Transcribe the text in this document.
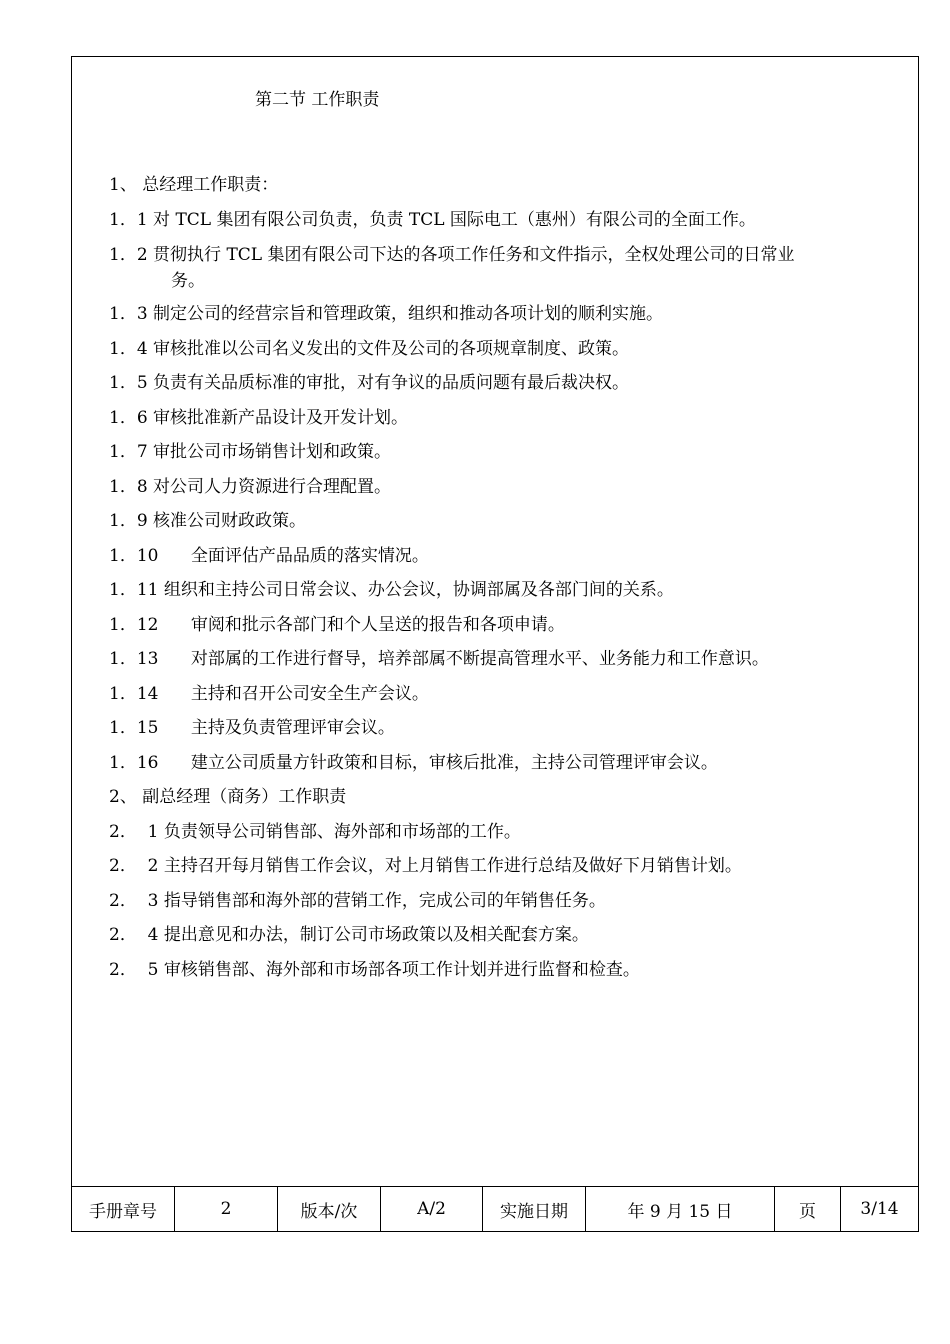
第二节 工作职责
1、 总经理工作职责：
1．1 对 TCL 集团有限公司负责，负责 TCL 国际电工（惠州）有限公司的全面工作。
1．2 贯彻执行 TCL 集团有限公司下达的各项工作任务和文件指示，全权处理公司的日常业
务。
1．3 制定公司的经营宗旨和管理政策，组织和推动各项计划的顺利实施。
1．4 审核批准以公司名义发出的文件及公司的各项规章制度、政策。
1．5 负责有关品质标准的审批，对有争议的品质问题有最后裁决权。
1．6 审核批准新产品设计及开发计划。
1．7 审批公司市场销售计划和政策。
1．8 对公司人力资源进行合理配置。
1．9 核准公司财政政策。
1．10      全面评估产品品质的落实情况。
1．11 组织和主持公司日常会议、办公会议，协调部属及各部门间的关系。
1．12      审阅和批示各部门和个人呈送的报告和各项申请。
1．13      对部属的工作进行督导，培养部属不断提高管理水平、业务能力和工作意识。
1．14      主持和召开公司安全生产会议。
1．15      主持及负责管理评审会议。
1．16      建立公司质量方针政策和目标，审核后批准，主持公司管理评审会议。
2、 副总经理（商务）工作职责
2．  1 负责领导公司销售部、海外部和市场部的工作。
2．  2 主持召开每月销售工作会议，对上月销售工作进行总结及做好下月销售计划。
2．  3 指导销售部和海外部的营销工作，完成公司的年销售任务。
2．  4 提出意见和办法，制订公司市场政策以及相关配套方案。
2．  5 审核销售部、海外部和市场部各项工作计划并进行监督和检查。
手册章号	2	版本/次	A/2	实施日期	年 9 月 15 日	页	3/14
